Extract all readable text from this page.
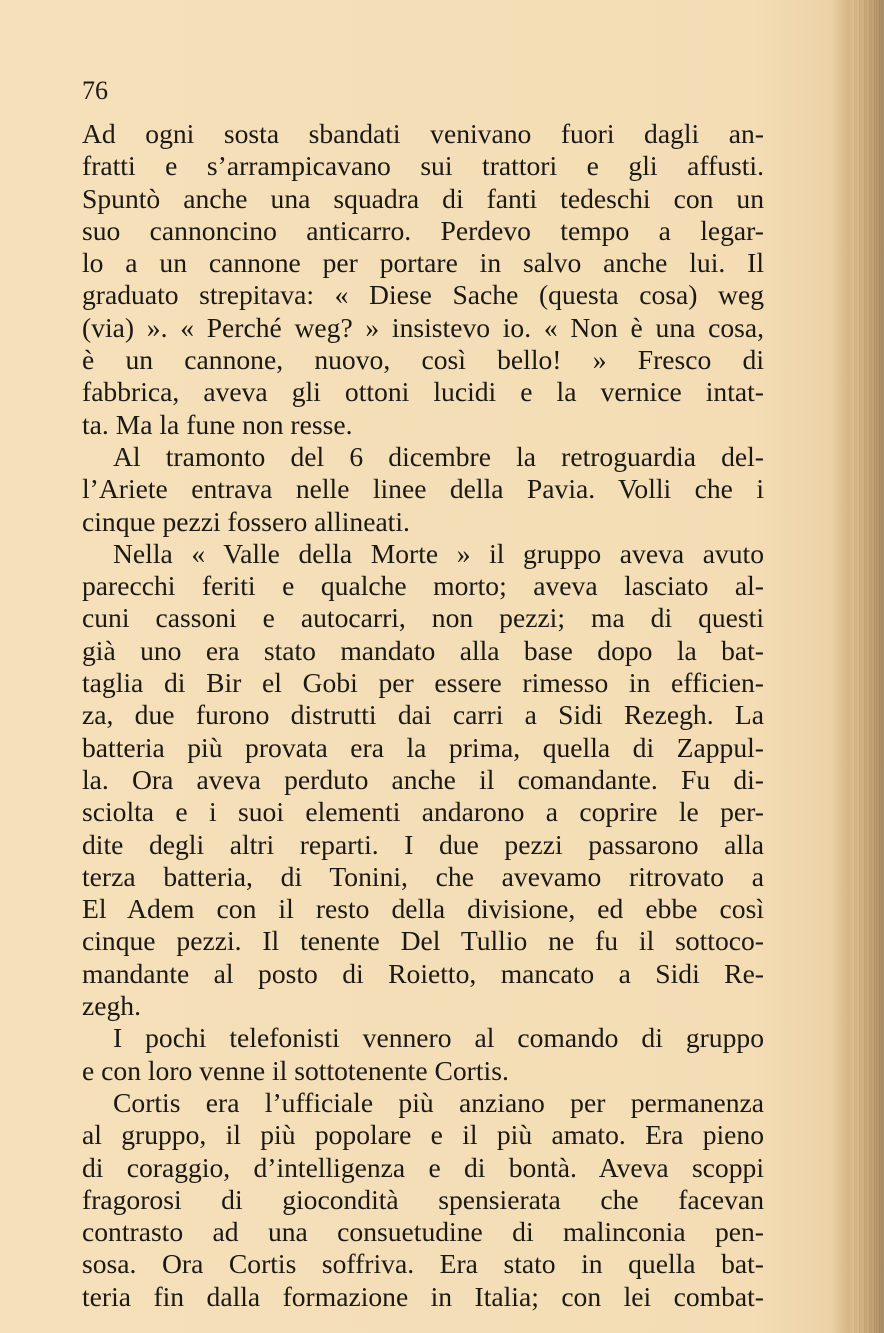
76
Ad ogni sosta sbandati venivano fuori dagli an-
fratti e s’arrampicavano sui trattori e gli affusti.
Spuntò anche una squadra di fanti tedeschi con un
suo cannoncino anticarro. Perdevo tempo a legar-
lo a un cannone per portare in salvo anche lui. Il
graduato strepitava: « Diese Sache (questa cosa) weg
(via) ». « Perché weg? » insistevo io. « Non è una cosa,
è un cannone, nuovo, così bello! » Fresco di
fabbrica, aveva gli ottoni lucidi e la vernice intat-
ta. Ma la fune non resse.
Al tramonto del 6 dicembre la retroguardia del-
l’Ariete entrava nelle linee della Pavia. Volli che i
cinque pezzi fossero allineati.
Nella « Valle della Morte » il gruppo aveva avuto
parecchi feriti e qualche morto; aveva lasciato al-
cuni cassoni e autocarri, non pezzi; ma di questi
già uno era stato mandato alla base dopo la bat-
taglia di Bir el Gobi per essere rimesso in efficien-
za, due furono distrutti dai carri a Sidi Rezegh. La
batteria più provata era la prima, quella di Zappul-
la. Ora aveva perduto anche il comandante. Fu di-
sciolta e i suoi elementi andarono a coprire le per-
dite degli altri reparti. I due pezzi passarono alla
terza batteria, di Tonini, che avevamo ritrovato a
El Adem con il resto della divisione, ed ebbe così
cinque pezzi. Il tenente Del Tullio ne fu il sottoco-
mandante al posto di Roietto, mancato a Sidi Re-
zegh.
I pochi telefonisti vennero al comando di gruppo
e con loro venne il sottotenente Cortis.
Cortis era l’ufficiale più anziano per permanenza
al gruppo, il più popolare e il più amato. Era pieno
di coraggio, d’intelligenza e di bontà. Aveva scoppi
fragorosi di giocondità spensierata che facevan
contrasto ad una consuetudine di malinconia pen-
sosa. Ora Cortis soffriva. Era stato in quella bat-
teria fin dalla formazione in Italia; con lei combat-
